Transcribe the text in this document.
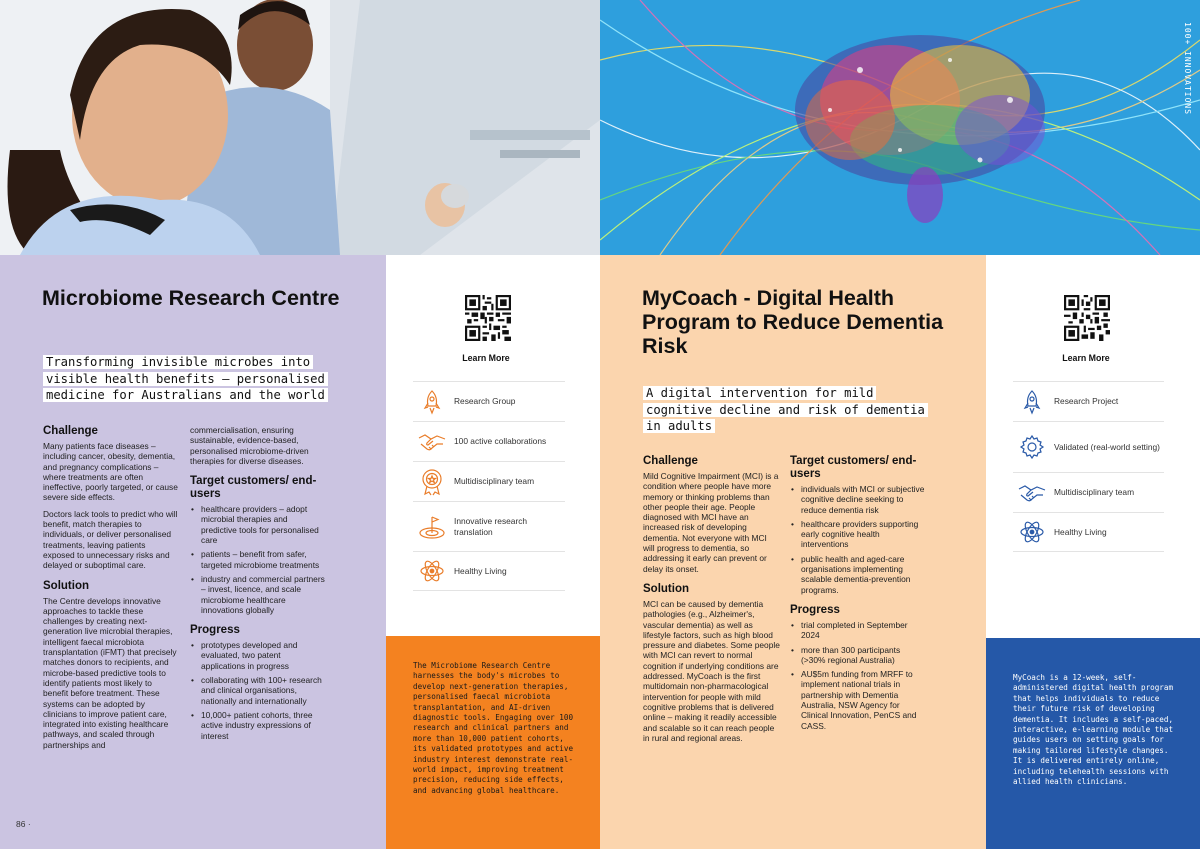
100+ INNOVATIONS
Microbiome Research Centre
Transforming invisible microbes into visible health benefits – personalised medicine for Australians and the world
Challenge

Many patients face diseases – including cancer, obesity, dementia, and pregnancy complications – where treatments are often ineffective, poorly targeted, or cause severe side effects.

Doctors lack tools to predict who will benefit, match therapies to individuals, or deliver personalised treatments, leaving patients exposed to unnecessary risks and delayed or suboptimal care.

Solution

The Centre develops innovative approaches to tackle these challenges by creating next-generation live microbial therapies, intelligent faecal microbiota transplantation (iFMT) that precisely matches donors to recipients, and microbe-based predictive tools to identify patients most likely to benefit before treatment. These systems can be adopted by clinicians to improve patient care, integrated into existing healthcare pathways, and scaled through partnerships and

commercialisation, ensuring sustainable, evidence-based, personalised microbiome-driven therapies for diverse diseases.

Target customers/ end-users
• healthcare providers – adopt microbial therapies and predictive tools for personalised care
• patients – benefit from safer, targeted microbiome treatments
• industry and commercial partners – invest, licence, and scale microbiome healthcare innovations globally
Progress
• prototypes developed and evaluated, two patent applications in progress
• collaborating with 100+ research and clinical organisations, nationally and internationally
• 10,000+ patient cohorts, three active industry expressions of interest
86 ·
Learn More
Research Group
100 active collaborations
Multidisciplinary team
Innovative research translation
Healthy Living
The Microbiome Research Centre harnesses the body's microbes to develop next-generation therapies, personalised faecal microbiota transplantation, and AI-driven diagnostic tools. Engaging over 100 research and clinical partners and more than 10,000 patient cohorts, its validated prototypes and active industry interest demonstrate real-world impact, improving treatment precision, reducing side effects, and advancing global healthcare.
MyCoach - Digital Health Program to Reduce Dementia Risk
A digital intervention for mild cognitive decline and risk of dementia in adults
Challenge

Mild Cognitive Impairment (MCI) is a condition where people have more memory or thinking problems than other people their age. People diagnosed with MCI have an increased risk of developing dementia. Not everyone with MCI will progress to dementia, so addressing it early can prevent or delay its onset.

Solution

MCI can be caused by dementia pathologies (e.g., Alzheimer's, vascular dementia) as well as lifestyle factors, such as high blood pressure and diabetes. Some people with MCI can revert to normal cognition if underlying conditions are addressed. MyCoach is the first multidomain non-pharmacological intervention for people with mild cognitive problems that is delivered online – making it readily accessible and scalable so it can reach people in rural and regional areas.

Target customers/ end-users
• individuals with MCI or subjective cognitive decline seeking to reduce dementia risk
• healthcare providers supporting early cognitive health interventions
• public health and aged-care organisations implementing scalable dementia-prevention programs.
Progress
• trial completed in September 2024
• more than 300 participants (>30% regional Australia)
• AU$5m funding from MRFF to implement national trials in partnership with Dementia Australia, NSW Agency for Clinical Innovation, PenCS and CASS.
Learn More
Research Project
Validated (real-world setting)
Multidisciplinary team
Healthy Living
MyCoach is a 12-week, self-administered digital health program that helps individuals to reduce their future risk of developing dementia. It includes a self-paced, interactive, e-learning module that guides users on setting goals for making tailored lifestyle changes. It is delivered entirely online, including telehealth sessions with allied health clinicians.
